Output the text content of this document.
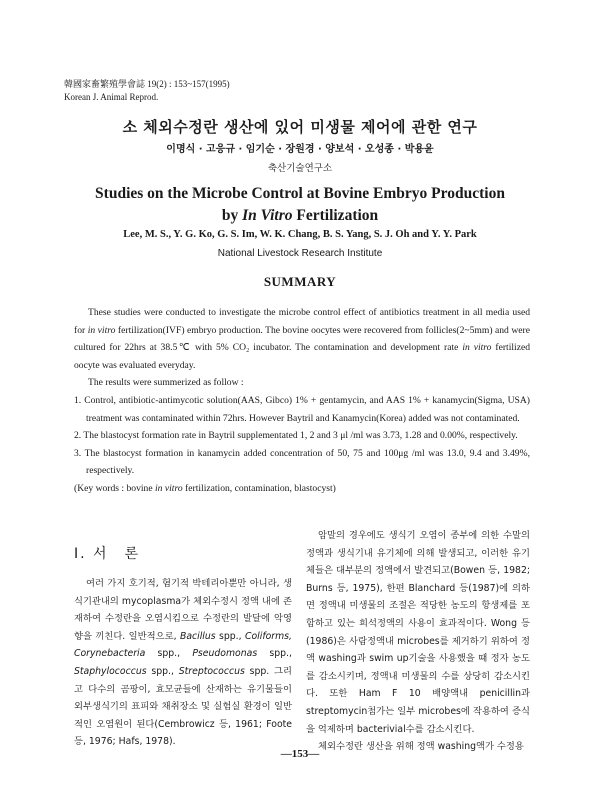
韓國家畜繁殖學會誌 19(2) : 153~157(1995)
Korean J. Animal Reprod.
소 체외수정란 생산에 있어 미생물 제어에 관한 연구
이명식 · 고응규 · 임기순 · 장원경 · 양보석 · 오성종 · 박용윤
축산기술연구소
Studies on the Microbe Control at Bovine Embryo Production
by In Vitro Fertilization
Lee, M. S., Y. G. Ko, G. S. Im, W. K. Chang, B. S. Yang, S. J. Oh and Y. Y. Park
National Livestock Research Institute
SUMMARY

These studies were conducted to investigate the microbe control effect of antibiotics treatment in all media used for in vitro fertilization(IVF) embryo production. The bovine oocytes were recovered from follicles(2~5mm) and were cultured for 22hrs at 38.5℃ with 5% CO₂ incubator. The contamination and development rate in vitro fertilized oocyte was evaluated everyday.

The results were summerized as follow :

1. Control, antibiotic-antimycotic solution(AAS, Gibco) 1% + gentamycin, and AAS 1% + kanamycin(Sigma, USA) treatment was contaminated within 72hrs. However Baytril and Kanamycin(Korea) added was not contaminated.

2. The blastocyst formation rate in Baytril supplementated 1, 2 and 3 μl /ml was 3.73, 1.28 and 0.00%, respectively.

3. The blastocyst formation in kanamycin added concentration of 50, 75 and 100μg /ml was 13.0, 9.4 and 3.49%, respectively.

(Key words : bovine in vitro fertilization, contamination, blastocyst)

Ⅰ. 서　론

여러 가지 호기적, 혐기적 박테리아뿐만 아니라, 생식기관내의 mycoplasma가 체외수정시 정액 내에 존재하여 수정란을 오염시킴으로 수정란의 발달에 악영향을 끼친다. 일반적으로, Bacillus spp., Coliforms, Corynebacteria spp., Pseudomonas spp., Staphylococcus spp., Streptococcus spp. 그리고 다수의 곰팡이, 효모균들에 산재하는 유기물들이 외부생식기의 표피와 채취장소 및 실험실 환경이 일반적인 오염원이 된다(Cembrowicz 등, 1961; Foote 등, 1976; Hafs, 1978).

암말의 경우에도 생식기 오염이 종부에 의한 수말의 정액과 생식기내 유기체에 의해 발생되고, 이러한 유기체들은 대부분의 정액에서 발견되고(Bowen 등, 1982; Burns 등, 1975), 한편 Blanchard 등(1987)에 의하면 정액내 미생물의 조절은 적당한 농도의 항생제를 포함하고 있는 희석정액의 사용이 효과적이다. Wong 등(1986)은 사람정액내 microbes를 제거하기 위하여 정액 washing과 swim up기술을 사용했을 때 정자 농도를 감소시키며, 정액내 미생물의 수를 상당히 감소시킨다. 또한 Ham F 10 배양액내 penicillin과 streptomycin첨가는 일부 microbes에 작용하여 증식을 억제하며 bacterivial수를 감소시킨다.

체외수정란 생산을 위해 정액 washing액가 수정용

—153—
